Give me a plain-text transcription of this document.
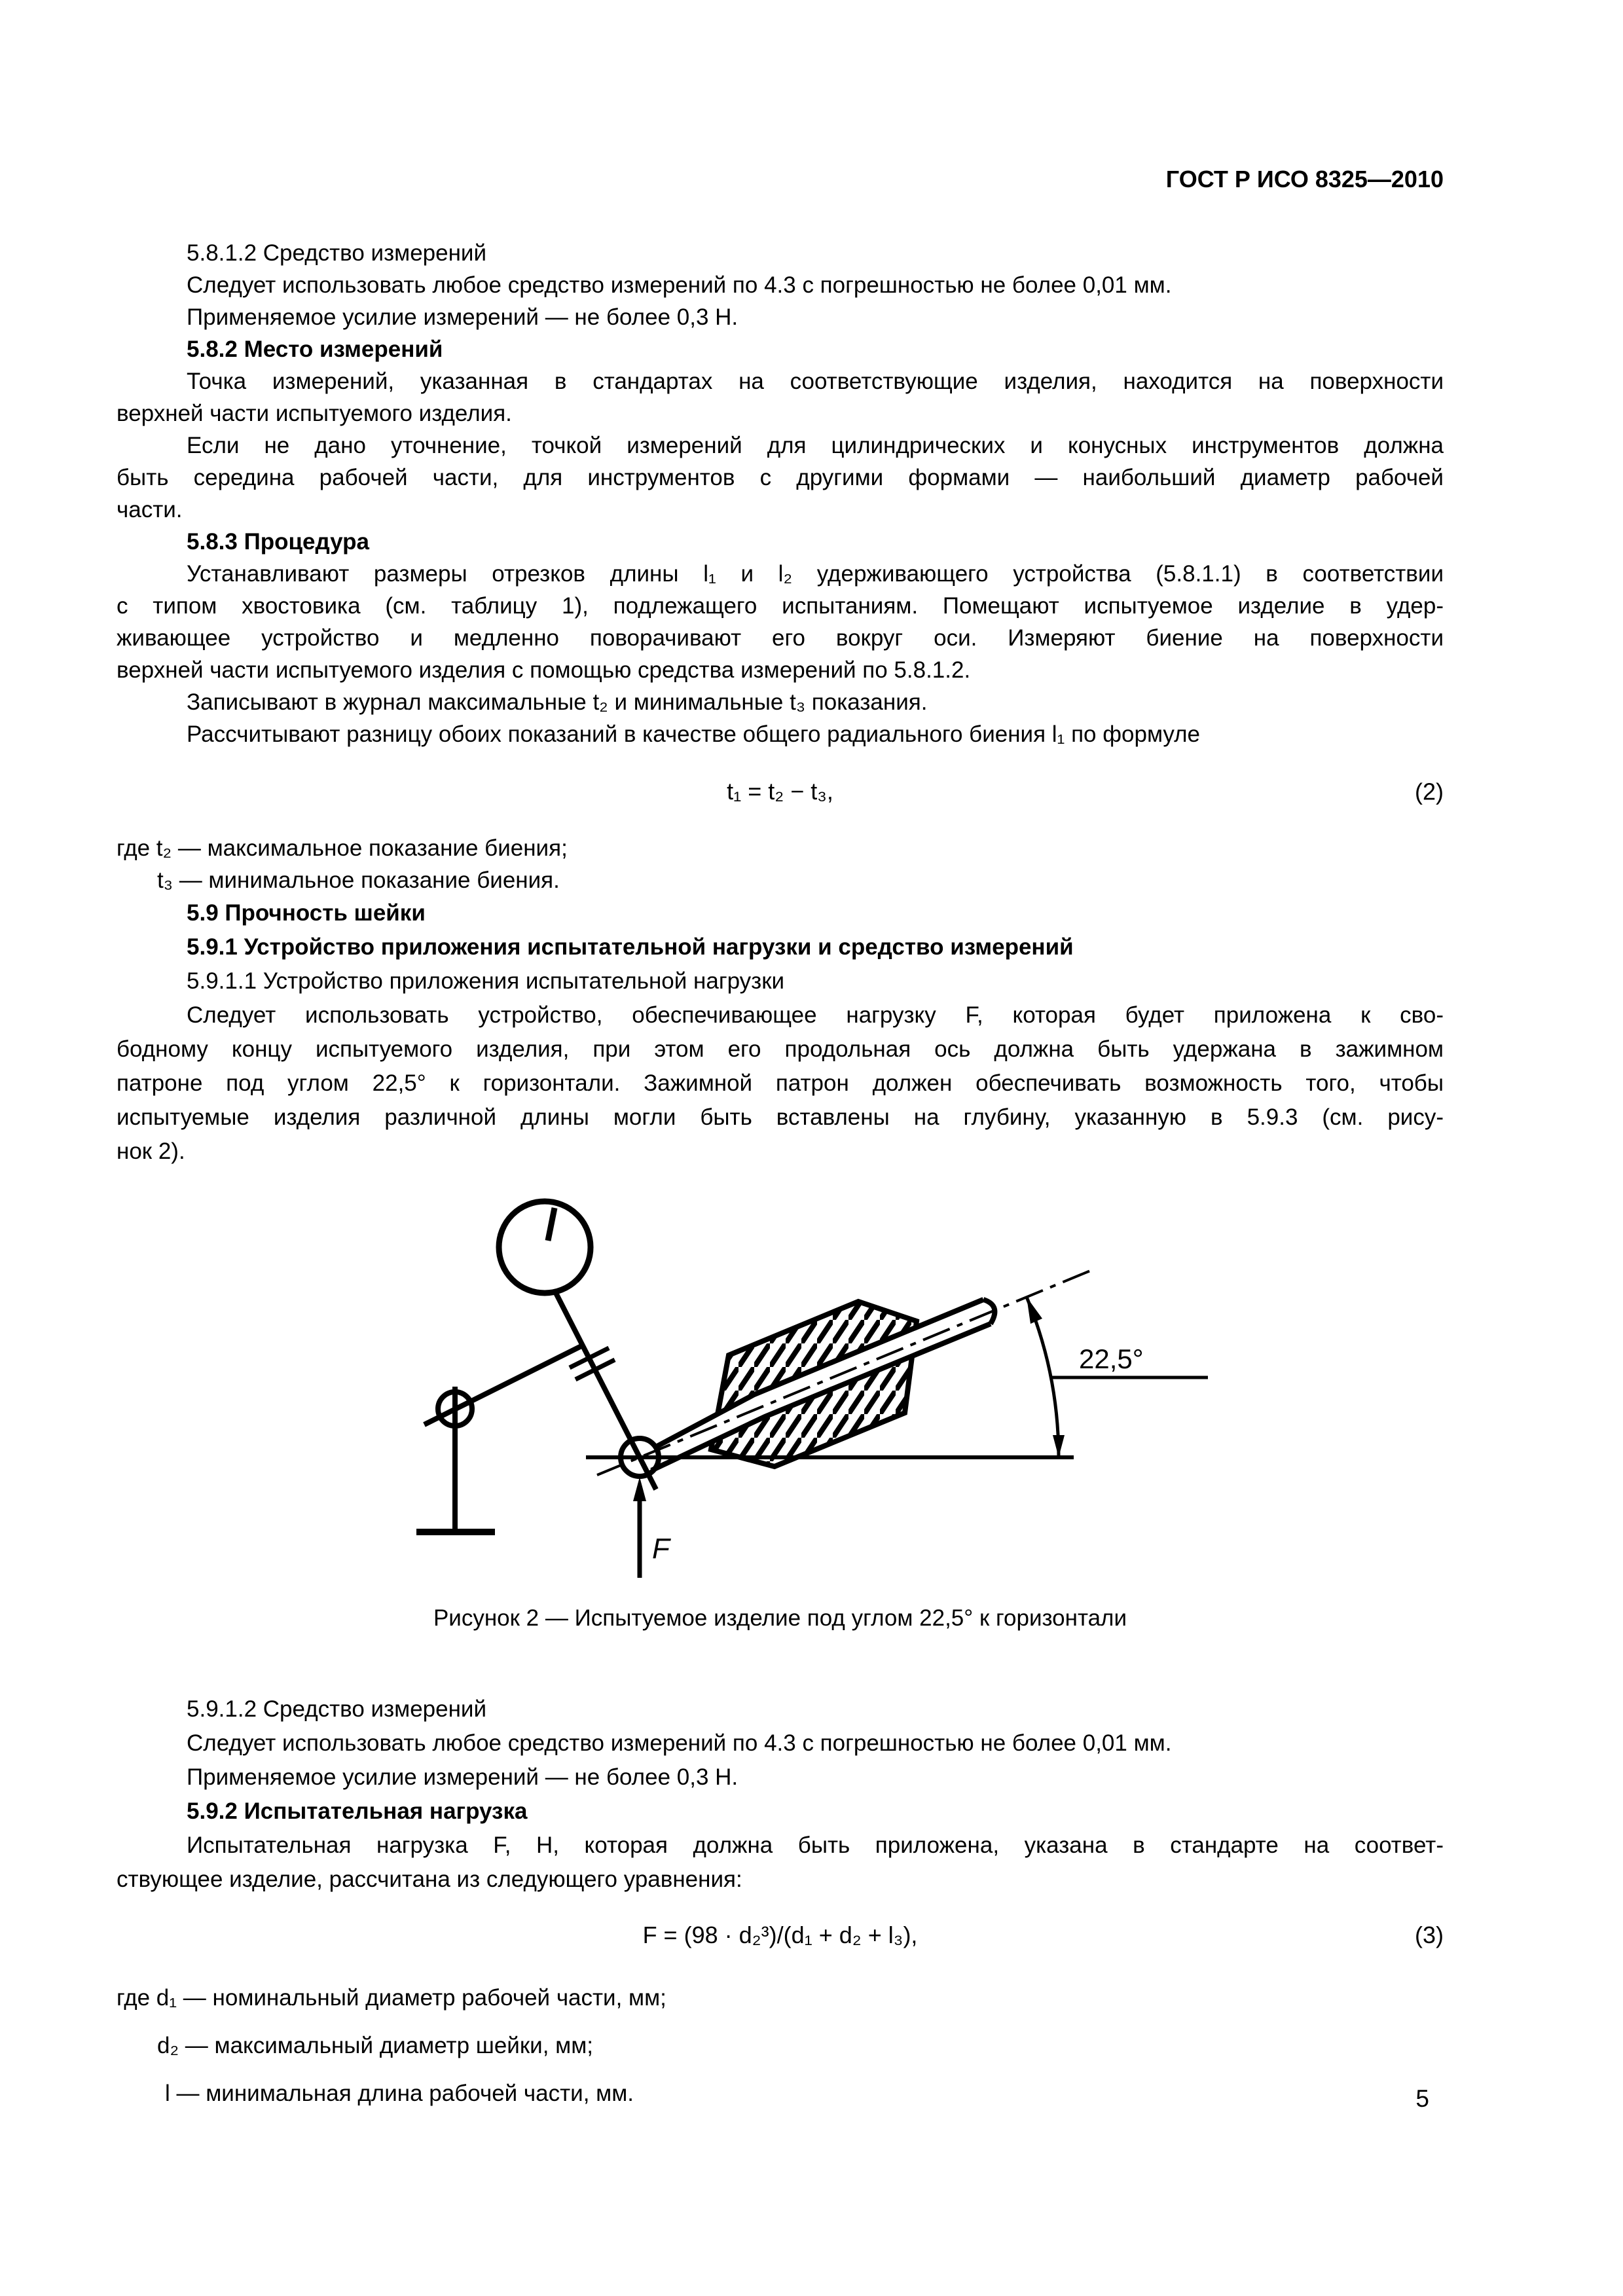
ГОСТ Р ИСО 8325—2010
5.8.1.2 Средство измерений
Следует использовать любое средство измерений по 4.3 с погрешностью не более 0,01 мм.
Применяемое усилие измерений — не более 0,3 Н.
5.8.2 Место измерений
Точка измерений, указанная в стандартах на соответствующие изделия, находится на поверхности
верхней части испытуемого изделия.
Если не дано уточнение, точкой измерений для цилиндрических и конусных инструментов должна
быть середина рабочей части, для инструментов с другими формами — наибольший диаметр рабочей
части.
5.8.3 Процедура
Устанавливают размеры отрезков длины l₁ и l₂ удерживающего устройства (5.8.1.1) в соответствии
с типом хвостовика (см. таблицу 1), подлежащего испытаниям. Помещают испытуемое изделие в удер-
живающее устройство и медленно поворачивают его вокруг оси. Измеряют биение на поверхности
верхней части испытуемого изделия с помощью средства измерений по 5.8.1.2.
Записывают в журнал максимальные t₂ и минимальные t₃ показания.
Рассчитывают разницу обоих показаний в качестве общего радиального биения l₁ по формуле
t₁ = t₂ − t₃,	(2)
где t₂ — максимальное показание биения;
t₃ — минимальное показание биения.
5.9 Прочность шейки
5.9.1 Устройство приложения испытательной нагрузки и средство измерений
5.9.1.1 Устройство приложения испытательной нагрузки
Следует использовать устройство, обеспечивающее нагрузку F, которая будет приложена к сво-
бодному концу испытуемого изделия, при этом его продольная ось должна быть удержана в зажимном
патроне под углом 22,5° к горизонтали. Зажимной патрон должен обеспечивать возможность того, чтобы
испытуемые изделия различной длины могли быть вставлены на глубину, указанную в 5.9.3 (см. рису-
нок 2).
22,5°
F
Рисунок 2 — Испытуемое изделие под углом 22,5° к горизонтали
5.9.1.2 Средство измерений
Следует использовать любое средство измерений по 4.3 с погрешностью не более 0,01 мм.
Применяемое усилие измерений — не более 0,3 Н.
5.9.2 Испытательная нагрузка
Испытательная нагрузка F, Н, которая должна быть приложена, указана в стандарте на соответ-
ствующее изделие, рассчитана из следующего уравнения:
F = (98 · d₂³)/(d₁ + d₂ + l₃),	(3)
где d₁ — номинальный диаметр рабочей части, мм;
d₂ — максимальный диаметр шейки, мм;
l — минимальная длина рабочей части, мм.	5
